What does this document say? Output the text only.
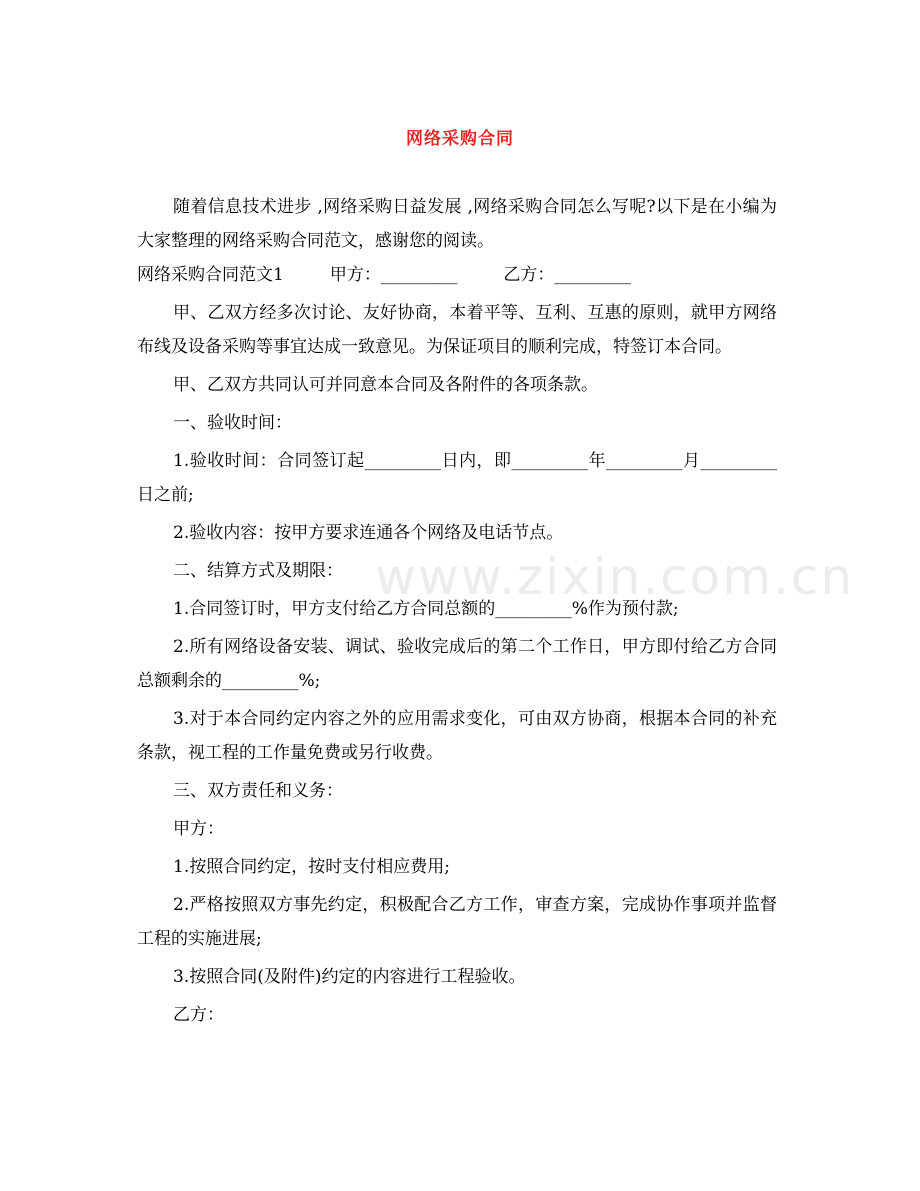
网络采购合同
www.zixin.com.cn

随着信息技术进步 ,网络采购日益发展 ,网络采购合同怎么写呢?以下是在小编为大家整理的网络采购合同范文，感谢您的阅读。

网络采购合同范文1	甲方：_________	乙方：_________

甲、乙双方经多次讨论、友好协商，本着平等、互利、互惠的原则，就甲方网络布线及设备采购等事宜达成一致意见。为保证项目的顺利完成，特签订本合同。

甲、乙双方共同认可并同意本合同及各附件的各项条款。

一、验收时间：

1.验收时间：合同签订起_________日内，即_________年_________月_________日之前;

2.验收内容：按甲方要求连通各个网络及电话节点。

二、结算方式及期限：

1.合同签订时，甲方支付给乙方合同总额的_________%作为预付款;

2.所有网络设备安装、调试、验收完成后的第二个工作日，甲方即付给乙方合同总额剩余的_________%;

3.对于本合同约定内容之外的应用需求变化，可由双方协商，根据本合同的补充条款，视工程的工作量免费或另行收费。

三、双方责任和义务：

甲方：

1.按照合同约定，按时支付相应费用;

2.严格按照双方事先约定，积极配合乙方工作，审查方案，完成协作事项并监督工程的实施进展;

3.按照合同(及附件)约定的内容进行工程验收。

乙方：
